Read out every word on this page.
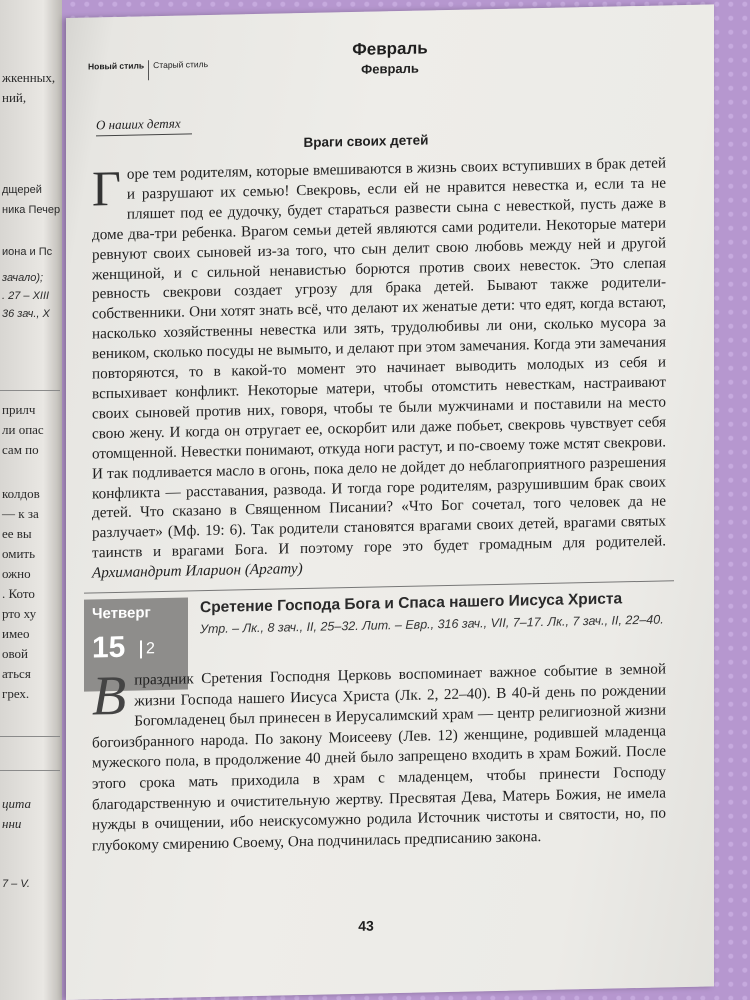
жкенных,
ний,
дщерей
ника Печер
иона и Пс
зачало);
. 27 – XIII
36 зач., X
прилч
ли опас
сам по
колдов
— к за
ее вы
омить
ожно
. Кото
рто ху
имео
овой
аться
грех.
цита
нни
7 – V.
Новый стиль Старый стиль
Февраль
Февраль
О наших детях
Враги своих детей

Горе тем родителям, которые вмешиваются в жизнь своих вступивших в брак детей и разрушают их семью! Свекровь, если ей не нравится невестка и, если та не пляшет под ее дудочку, будет стараться развести сына с невесткой, пусть даже в доме два-три ребенка. Врагом семьи детей являются сами родители. Некоторые матери ревнуют своих сыновей из-за того, что сын делит свою любовь между ней и другой женщиной, и с сильной ненавистью борются против своих невесток. Это слепая ревность свекрови создает угрозу для брака детей. Бывают также родители-собственники. Они хотят знать всё, что делают их женатые дети: что едят, когда встают, насколько хозяйственны невестка или зять, трудолюбивы ли они, сколько мусора за веником, сколько посуды не вымыто, и делают при этом замечания. Когда эти замечания повторяются, то в какой-то момент это начинает выводить молодых из себя и вспыхивает конфликт. Некоторые матери, чтобы отомстить невесткам, настраивают своих сыновей против них, говоря, чтобы те были мужчинами и поставили на место свою жену. И когда он отругает ее, оскорбит или даже побьет, свекровь чувствует себя отомщенной. Невестки понимают, откуда ноги растут, и по-своему тоже мстят свекрови. И так подливается масло в огонь, пока дело не дойдет до неблагоприятного разрешения конфликта — расставания, развода. И тогда горе родителям, разрушившим брак своих детей. Что сказано в Священном Писании? «Что Бог сочетал, того человек да не разлучает» (Мф. 19: 6). Так родители становятся врагами своих детей, врагами святых таинств и врагами Бога. И поэтому горе это будет громадным для родителей. Архимандрит Иларион (Аргату)

Четверг
15	2
Сретение Господа Бога и Спаса нашего Иисуса Христа
Утр. – Лк., 8 зач., II, 25–32. Лит. – Евр., 316 зач., VII, 7–17. Лк., 7 зач., II, 22–40.

Впраздник Сретения Господня Церковь воспоминает важное событие в земной жизни Господа нашего Иисуса Христа (Лк. 2, 22–40). В 40-й день по рождении Богомладенец был принесен в Иерусалимский храм — центр религиозной жизни богоизбранного народа. По закону Моисееву (Лев. 12) женщине, родившей младенца мужеского пола, в продолжение 40 дней было запрещено входить в храм Божий. После этого срока мать приходила в храм с младенцем, чтобы принести Господу благодарственную и очистительную жертву. Пресвятая Дева, Матерь Божия, не имела нужды в очищении, ибо неискусомужно родила Источник чистоты и святости, но, по глубокому смирению Своему, Она подчинилась предписанию закона.

43
